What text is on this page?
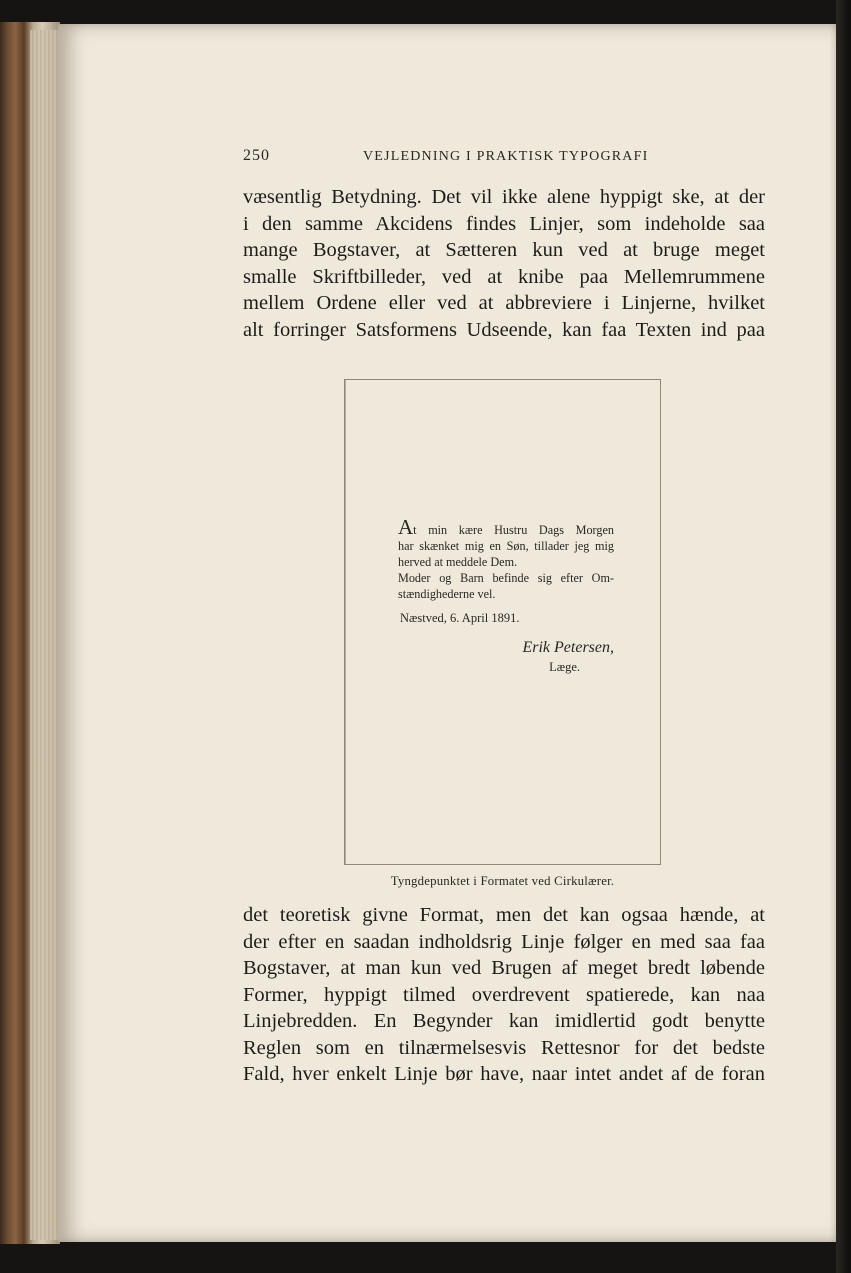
250	VEJLEDNING I PRAKTISK TYPOGRAFI
væsentlig Betydning. Det vil ikke alene hyppigt ske, at der
i den samme Akcidens findes Linjer, som indeholde saa
mange Bogstaver, at Sætteren kun ved at bruge meget
smalle Skriftbilleder, ved at knibe paa Mellemrummene
mellem Ordene eller ved at abbreviere i Linjerne, hvilket
alt forringer Satsformens Udseende, kan faa Texten ind paa
At min kære Hustru Dags Morgen
har skænket mig en Søn, tillader jeg mig
herved at meddele Dem.
Moder og Barn befinde sig efter Om-
stændighederne vel.
Næstved, 6. April 1891.
Erik Petersen,
Læge.
Tyngdepunktet i Formatet ved Cirkulærer.
det teoretisk givne Format, men det kan ogsaa hænde, at
der efter en saadan indholdsrig Linje følger en med saa faa
Bogstaver, at man kun ved Brugen af meget bredt løbende
Former, hyppigt tilmed overdrevent spatierede, kan naa
Linjebredden. En Begynder kan imidlertid godt benytte
Reglen som en tilnærmelsesvis Rettesnor for det bedste
Fald, hver enkelt Linje bør have, naar intet andet af de foran
